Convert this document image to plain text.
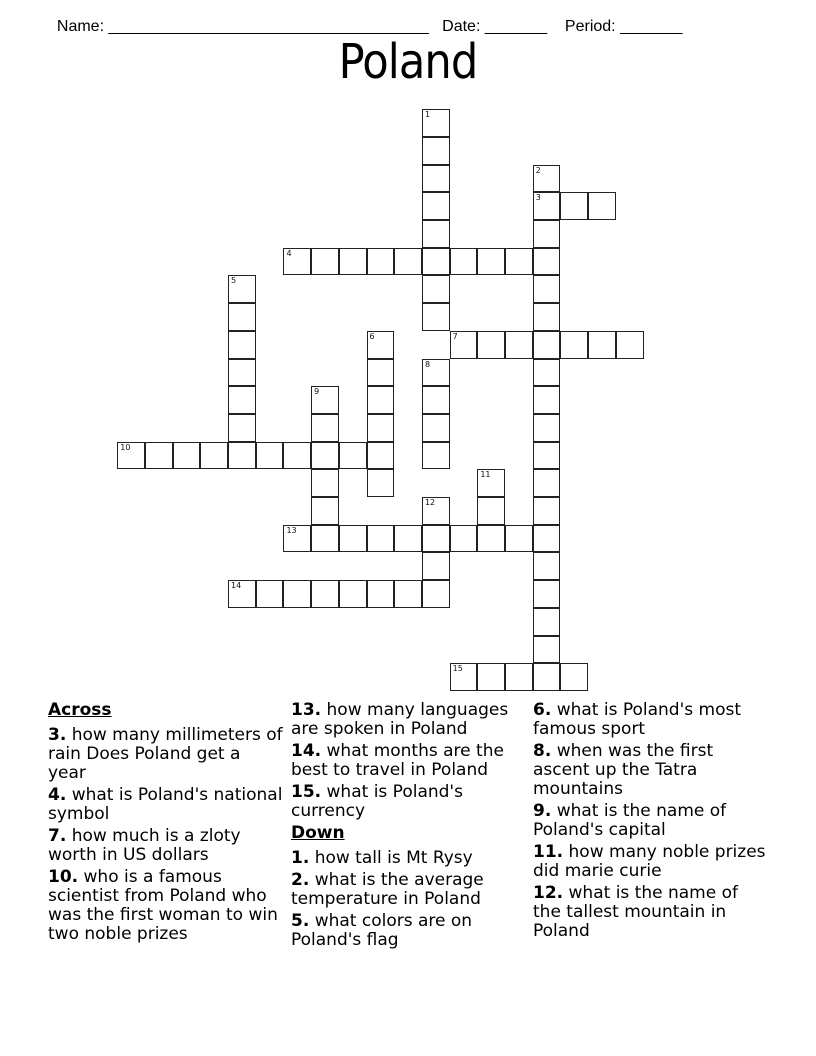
Name: ____________________________________ Date: _______ Period: _______

Poland
1
2
3
4
5
6	7
8
9
10
11
12
13
14
15
Across
3. how many millimeters of rain Does Poland get a year
4. what is Poland's national symbol
7. how much is a zloty worth in US dollars
10. who is a famous scientist from Poland who was the first woman to win two noble prizes
13. how many languages are spoken in Poland
14. what months are the best to travel in Poland
15. what is Poland's currency
Down
1. how tall is Mt Rysy
2. what is the average temperature in Poland
5. what colors are on Poland's flag
6. what is Poland's most famous sport
8. when was the first ascent up the Tatra mountains
9. what is the name of Poland's capital
11. how many noble prizes did marie curie
12. what is the name of the tallest mountain in Poland
